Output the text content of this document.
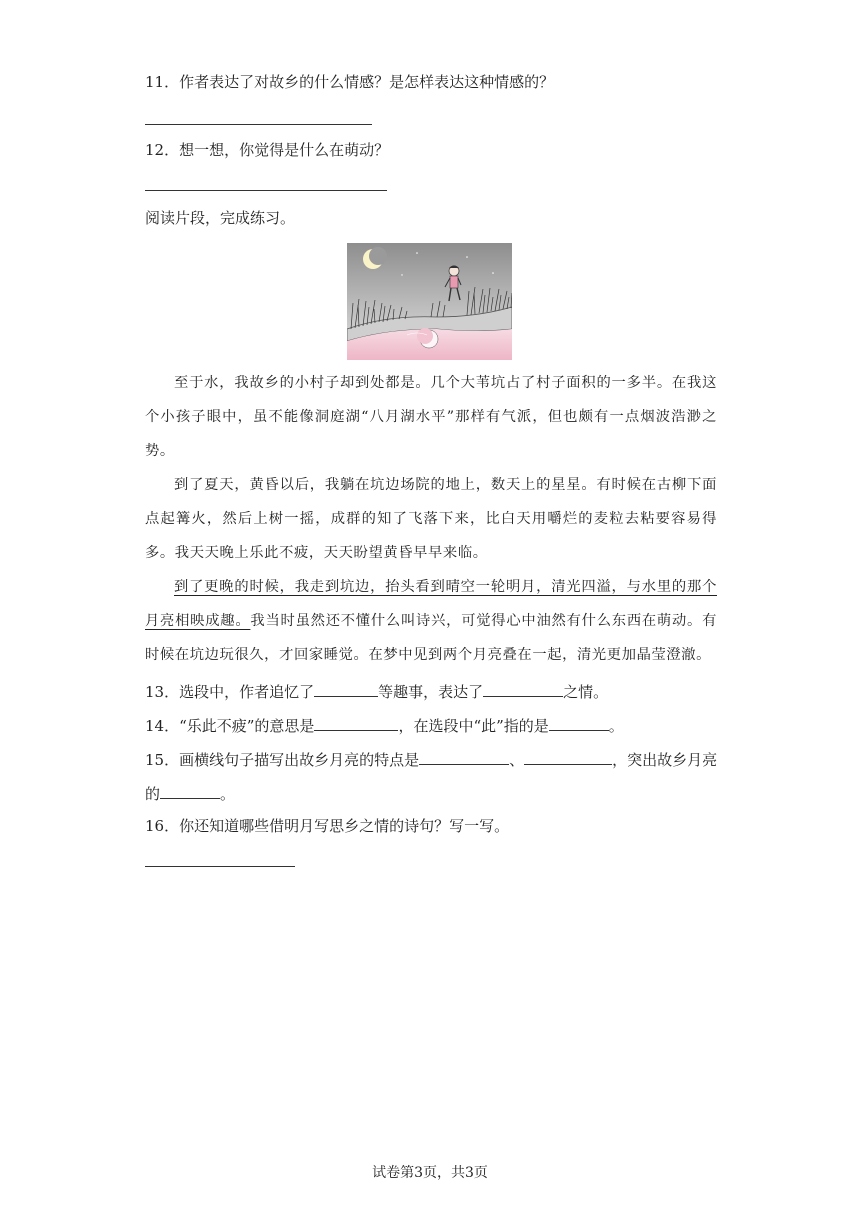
11．作者表达了对故乡的什么情感？是怎样表达这种情感的？
12．想一想，你觉得是什么在萌动？
阅读片段，完成练习。

至于水，我故乡的小村子却到处都是。几个大苇坑占了村子面积的一多半。在我这个小孩子眼中，虽不能像洞庭湖“八月湖水平”那样有气派，但也颇有一点烟波浩渺之势。

到了夏天，黄昏以后，我躺在坑边场院的地上，数天上的星星。有时候在古柳下面点起篝火，然后上树一摇，成群的知了飞落下来，比白天用嚼烂的麦粒去粘要容易得多。我天天晚上乐此不疲，天天盼望黄昏早早来临。

到了更晚的时候，我走到坑边，抬头看到晴空一轮明月，清光四溢，与水里的那个月亮相映成趣。我当时虽然还不懂什么叫诗兴，可觉得心中油然有什么东西在萌动。有时候在坑边玩很久，才回家睡觉。在梦中见到两个月亮叠在一起，清光更加晶莹澄澈。

13．选段中，作者追忆了	等趣事，表达了	之情。
14．“乐此不疲”的意思是	，在选段中“此”指的是	。
15．画横线句子描写出故乡月亮的特点是	、	，突出故乡月亮
的	。
16．你还知道哪些借明月写思乡之情的诗句？写一写。
试卷第3页，共3页
